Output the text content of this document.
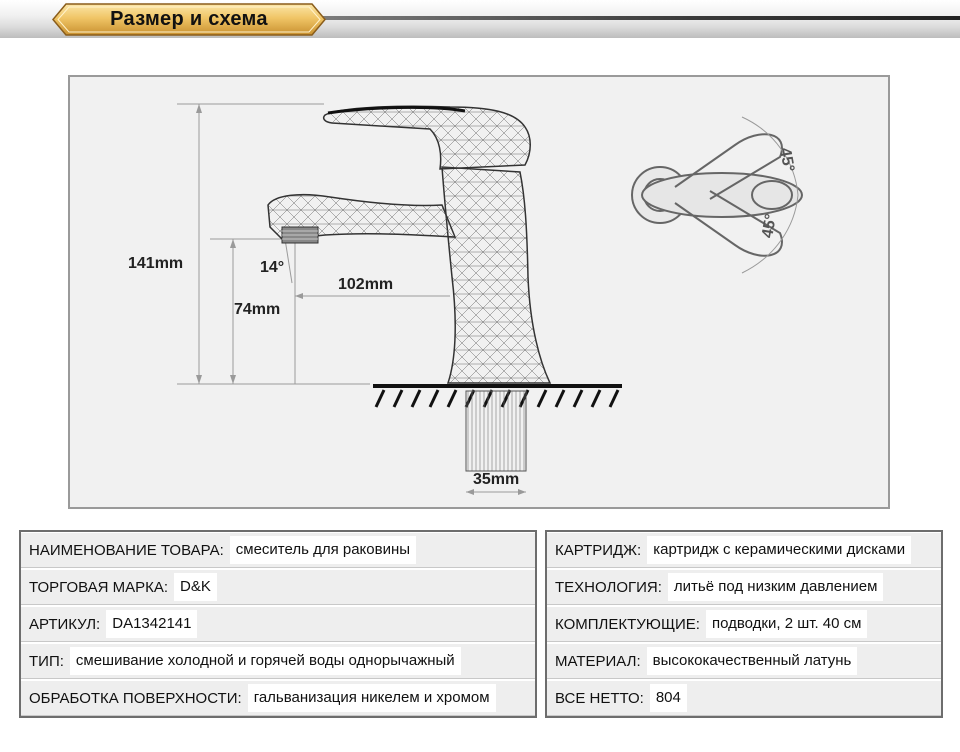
Размер и схема
141mm
74mm
14°
102mm
35mm
45°
45°
НАИМЕНОВАНИЕ ТОВАРА: смеситель для раковины
ТОРГОВАЯ МАРКА: D&K
АРТИКУЛ: DA1342141
ТИП: смешивание холодной и горячей воды однорычажный
ОБРАБОТКА ПОВЕРХНОСТИ: гальванизация никелем и хромом
КАРТРИДЖ: картридж с керамическими дисками
ТЕХНОЛОГИЯ: литьё под низким давлением
КОМПЛЕКТУЮЩИЕ: подводки, 2 шт. 40 см
МАТЕРИАЛ: высококачественный латунь
ВСЕ НЕТТО: 804
